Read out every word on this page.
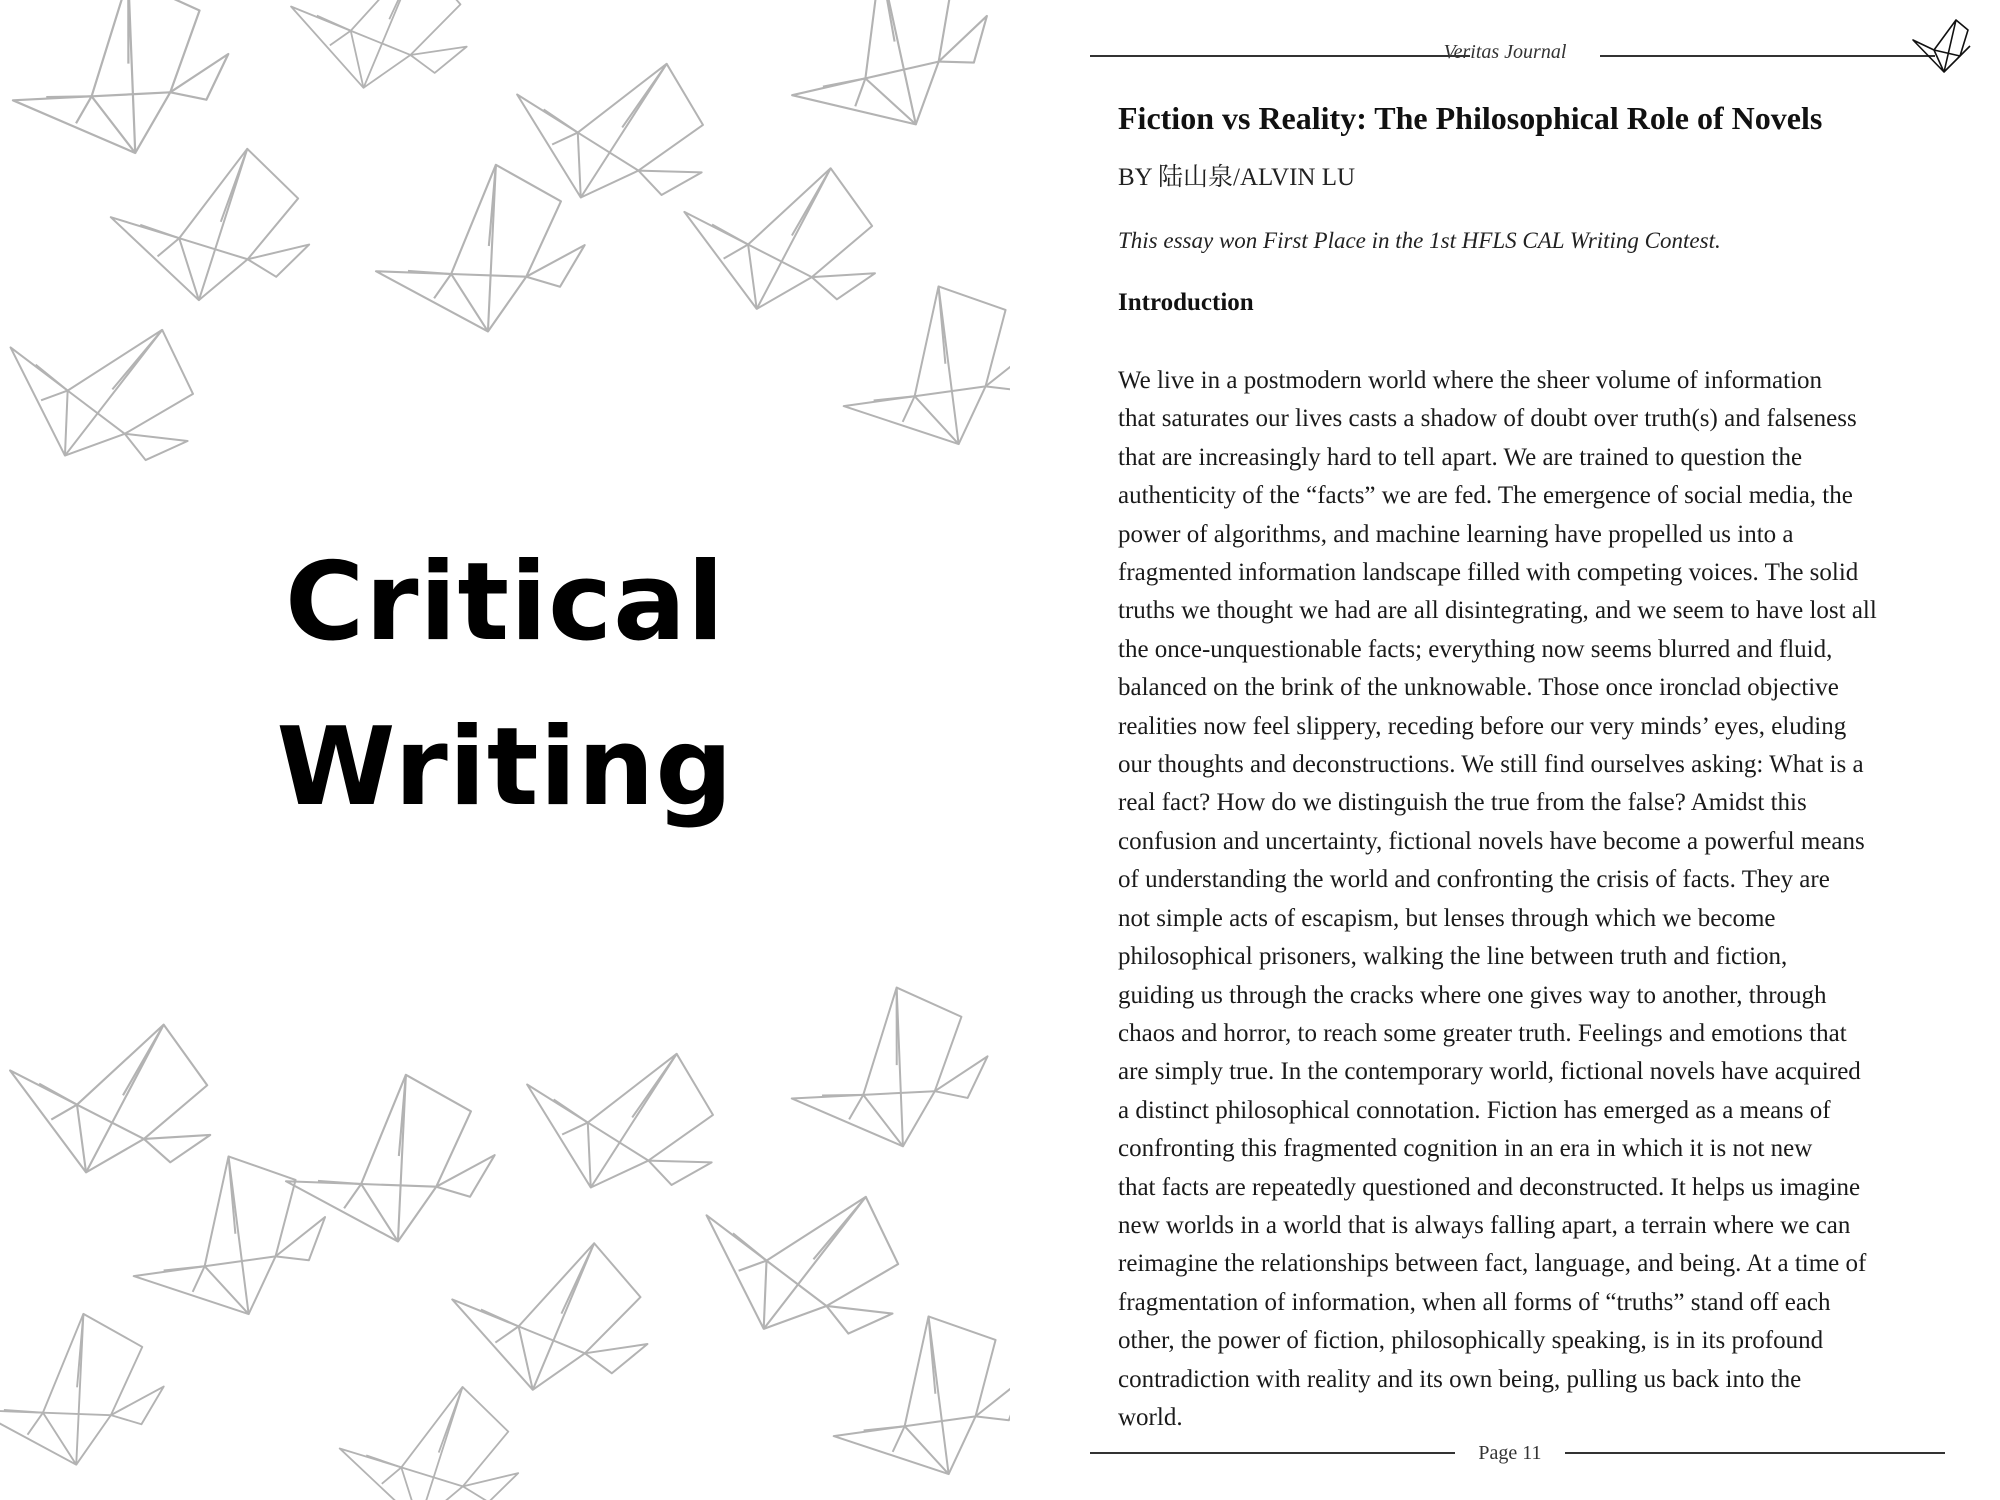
Critical
Writing
Veritas Journal
Fiction vs Reality: The Philosophical Role of Novels
BY 陆山泉/ALVIN LU
This essay won First Place in the 1st HFLS CAL Writing Contest.
Introduction
We live in a postmodern world where the sheer volume of information
that saturates our lives casts a shadow of doubt over truth(s) and falseness
that are increasingly hard to tell apart. We are trained to question the
authenticity of the “facts” we are fed. The emergence of social media, the
power of algorithms, and machine learning have propelled us into a
fragmented information landscape filled with competing voices. The solid
truths we thought we had are all disintegrating, and we seem to have lost all
the once-unquestionable facts; everything now seems blurred and fluid,
balanced on the brink of the unknowable. Those once ironclad objective
realities now feel slippery, receding before our very minds’ eyes, eluding
our thoughts and deconstructions. We still find ourselves asking: What is a
real fact? How do we distinguish the true from the false? Amidst this
confusion and uncertainty, fictional novels have become a powerful means
of understanding the world and confronting the crisis of facts. They are
not simple acts of escapism, but lenses through which we become
philosophical prisoners, walking the line between truth and fiction,
guiding us through the cracks where one gives way to another, through
chaos and horror, to reach some greater truth. Feelings and emotions that
are simply true. In the contemporary world, fictional novels have acquired
a distinct philosophical connotation. Fiction has emerged as a means of
confronting this fragmented cognition in an era in which it is not new
that facts are repeatedly questioned and deconstructed. It helps us imagine
new worlds in a world that is always falling apart, a terrain where we can
reimagine the relationships between fact, language, and being. At a time of
fragmentation of information, when all forms of “truths” stand off each
other, the power of fiction, philosophically speaking, is in its profound
contradiction with reality and its own being, pulling us back into the
world.
Page 11
